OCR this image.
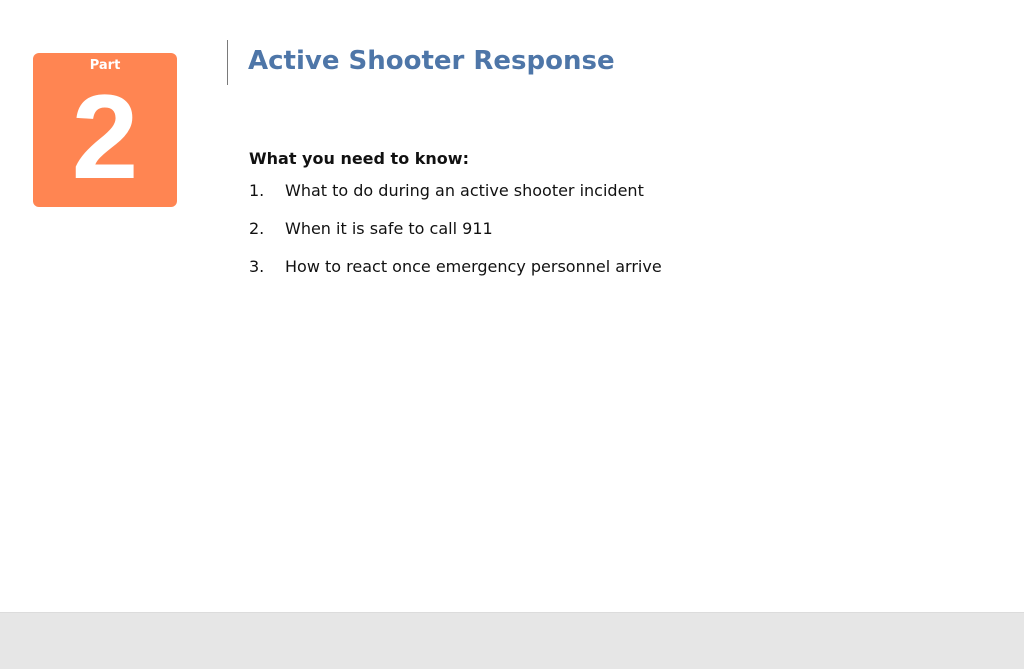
Part
2
Active Shooter Response
What you need to know:
1. What to do during an active shooter incident
2. When it is safe to call 911
3. How to react once emergency personnel arrive
